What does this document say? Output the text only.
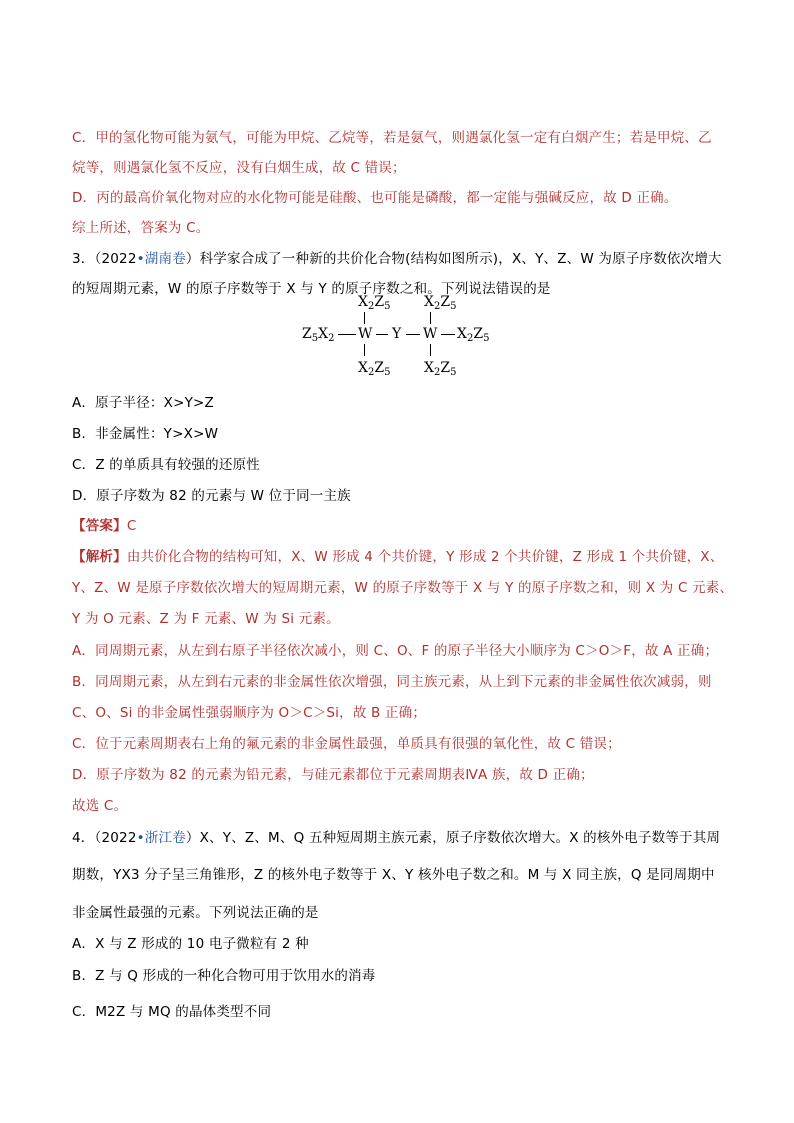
C．甲的氢化物可能为氨气，可能为甲烷、乙烷等，若是氨气，则遇氯化氢一定有白烟产生；若是甲烷、乙
烷等，则遇氯化氢不反应，没有白烟生成，故 C 错误；
D．丙的最高价氧化物对应的水化物可能是硅酸、也可能是磷酸，都一定能与强碱反应，故 D 正确。
综上所述，答案为 C。
3．（2022•湖南卷）科学家合成了一种新的共价化合物(结构如图所示)，X、Y、Z、W 为原子序数依次增大
的短周期元素，W 的原子序数等于 X 与 Y 的原子序数之和。下列说法错误的是
$X_2Z_5$ $X_2Z_5$
$Z_5X_2$ W Y W $X_2Z_5$
$X_2Z_5$ $X_2Z_5$
A．原子半径：X>Y>Z
B．非金属性：Y>X>W
C．Z 的单质具有较强的还原性
D．原子序数为 82 的元素与 W 位于同一主族
【答案】C
【解析】由共价化合物的结构可知，X、W 形成 4 个共价键，Y 形成 2 个共价键，Z 形成 1 个共价键，X、
Y、Z、W 是原子序数依次增大的短周期元素，W 的原子序数等于 X 与 Y 的原子序数之和，则 X 为 C 元素、
Y 为 O 元素、Z 为 F 元素、W 为 Si 元素。
A．同周期元素，从左到右原子半径依次减小，则 C、O、F 的原子半径大小顺序为 C＞O＞F，故 A 正确；
B．同周期元素，从左到右元素的非金属性依次增强，同主族元素，从上到下元素的非金属性依次减弱，则
C、O、Si 的非金属性强弱顺序为 O＞C＞Si，故 B 正确；
C．位于元素周期表右上角的氟元素的非金属性最强，单质具有很强的氧化性，故 C 错误；
D．原子序数为 82 的元素为铅元素，与硅元素都位于元素周期表ⅣA 族，故 D 正确；
故选 C。
4．（2022•浙江卷）X、Y、Z、M、Q 五种短周期主族元素，原子序数依次增大。X 的核外电子数等于其周
期数，YX3 分子呈三角锥形，Z 的核外电子数等于 X、Y 核外电子数之和。M 与 X 同主族，Q 是同周期中
非金属性最强的元素。下列说法正确的是
A．X 与 Z 形成的 10 电子微粒有 2 种
B．Z 与 Q 形成的一种化合物可用于饮用水的消毒
C．M2Z 与 MQ 的晶体类型不同
